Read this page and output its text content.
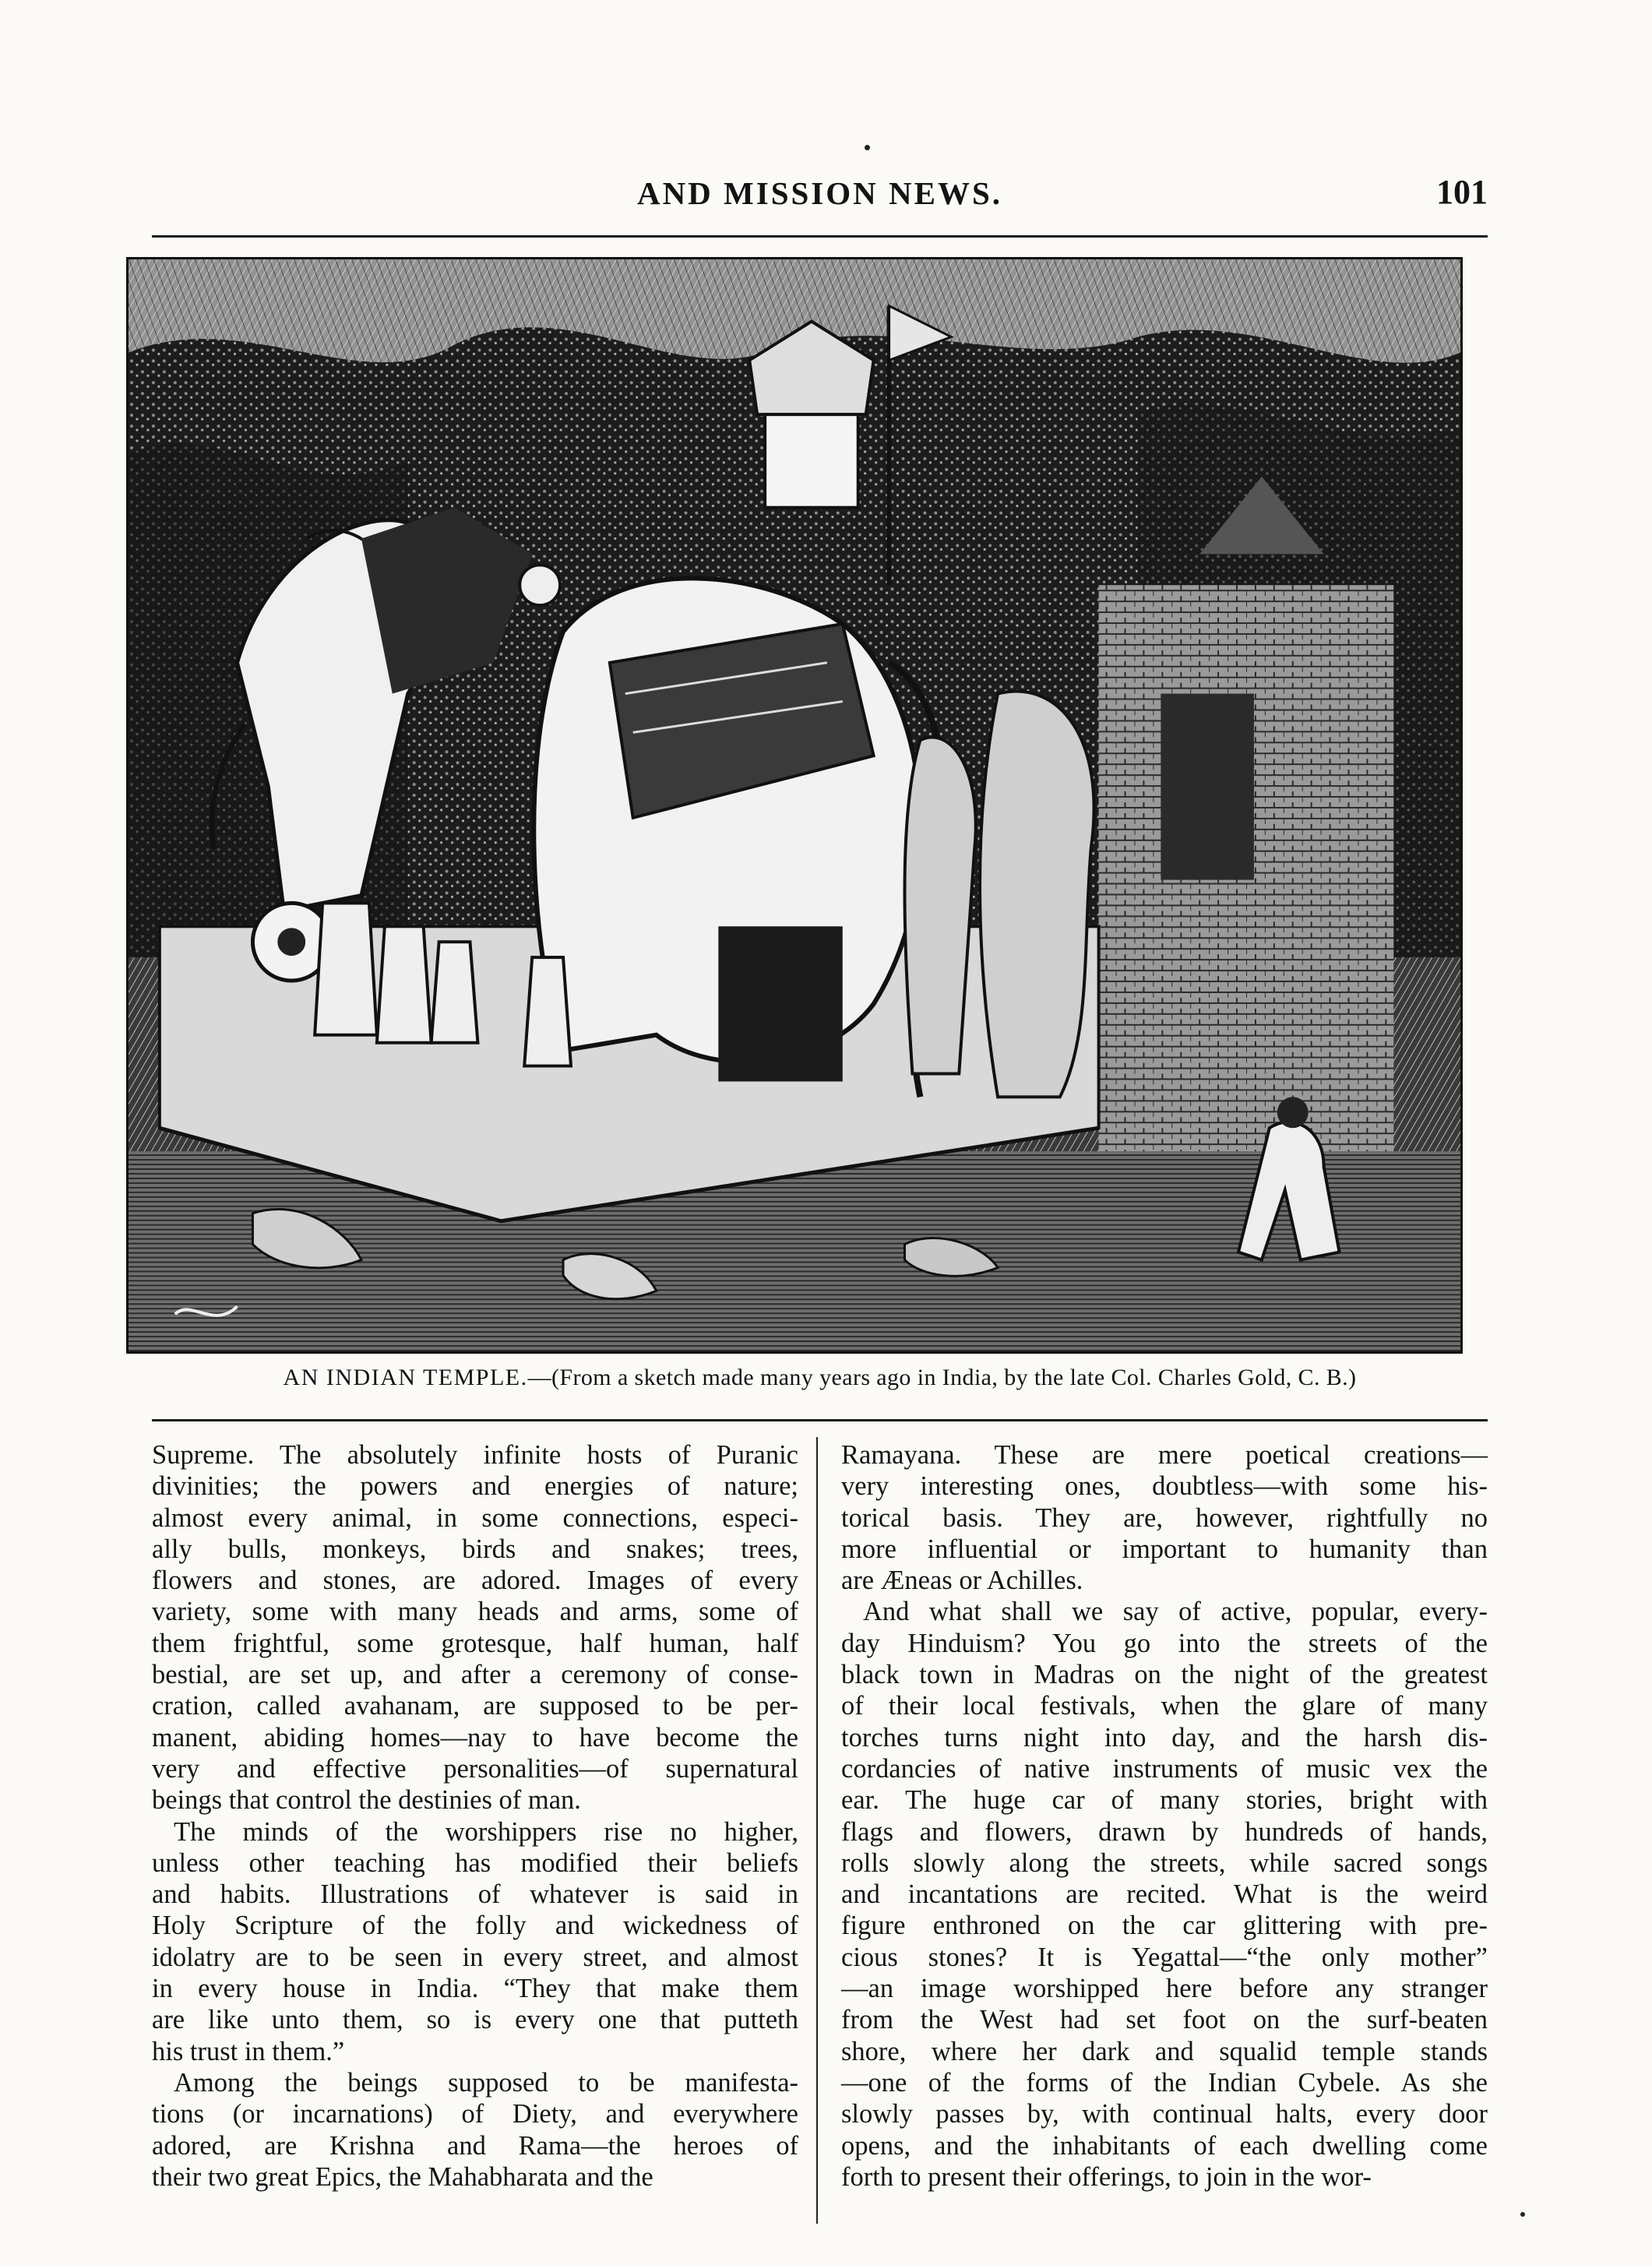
AND MISSION NEWS.	101
AN INDIAN TEMPLE.—(From a sketch made many years ago in India, by the late Col. Charles Gold, C. B.)

Supreme. The absolutely infinite hosts of Puranic
divinities; the powers and energies of nature;
almost every animal, in some connections, especi-
ally bulls, monkeys, birds and snakes; trees,
flowers and stones, are adored. Images of every
variety, some with many heads and arms, some of
them frightful, some grotesque, half human, half
bestial, are set up, and after a ceremony of conse-
cration, called avahanam, are supposed to be per-
manent, abiding homes—nay to have become the
very and effective personalities—of supernatural
beings that control the destinies of man.

The minds of the worshippers rise no higher,
unless other teaching has modified their beliefs
and habits. Illustrations of whatever is said in
Holy Scripture of the folly and wickedness of
idolatry are to be seen in every street, and almost
in every house in India. “They that make them
are like unto them, so is every one that putteth
his trust in them.”

Among the beings supposed to be manifesta-
tions (or incarnations) of Diety, and everywhere
adored, are Krishna and Rama—the heroes of
their two great Epics, the Mahabharata and the

Ramayana. These are mere poetical creations—
very interesting ones, doubtless—with some his-
torical basis. They are, however, rightfully no
more influential or important to humanity than
are Æneas or Achilles.

And what shall we say of active, popular, every-
day Hinduism? You go into the streets of the
black town in Madras on the night of the greatest
of their local festivals, when the glare of many
torches turns night into day, and the harsh dis-
cordancies of native instruments of music vex the
ear. The huge car of many stories, bright with
flags and flowers, drawn by hundreds of hands,
rolls slowly along the streets, while sacred songs
and incantations are recited. What is the weird
figure enthroned on the car glittering with pre-
cious stones? It is Yegattal—“the only mother”
—an image worshipped here before any stranger
from the West had set foot on the surf-beaten
shore, where her dark and squalid temple stands
—one of the forms of the Indian Cybele. As she
slowly passes by, with continual halts, every door
opens, and the inhabitants of each dwelling come
forth to present their offerings, to join in the wor-
